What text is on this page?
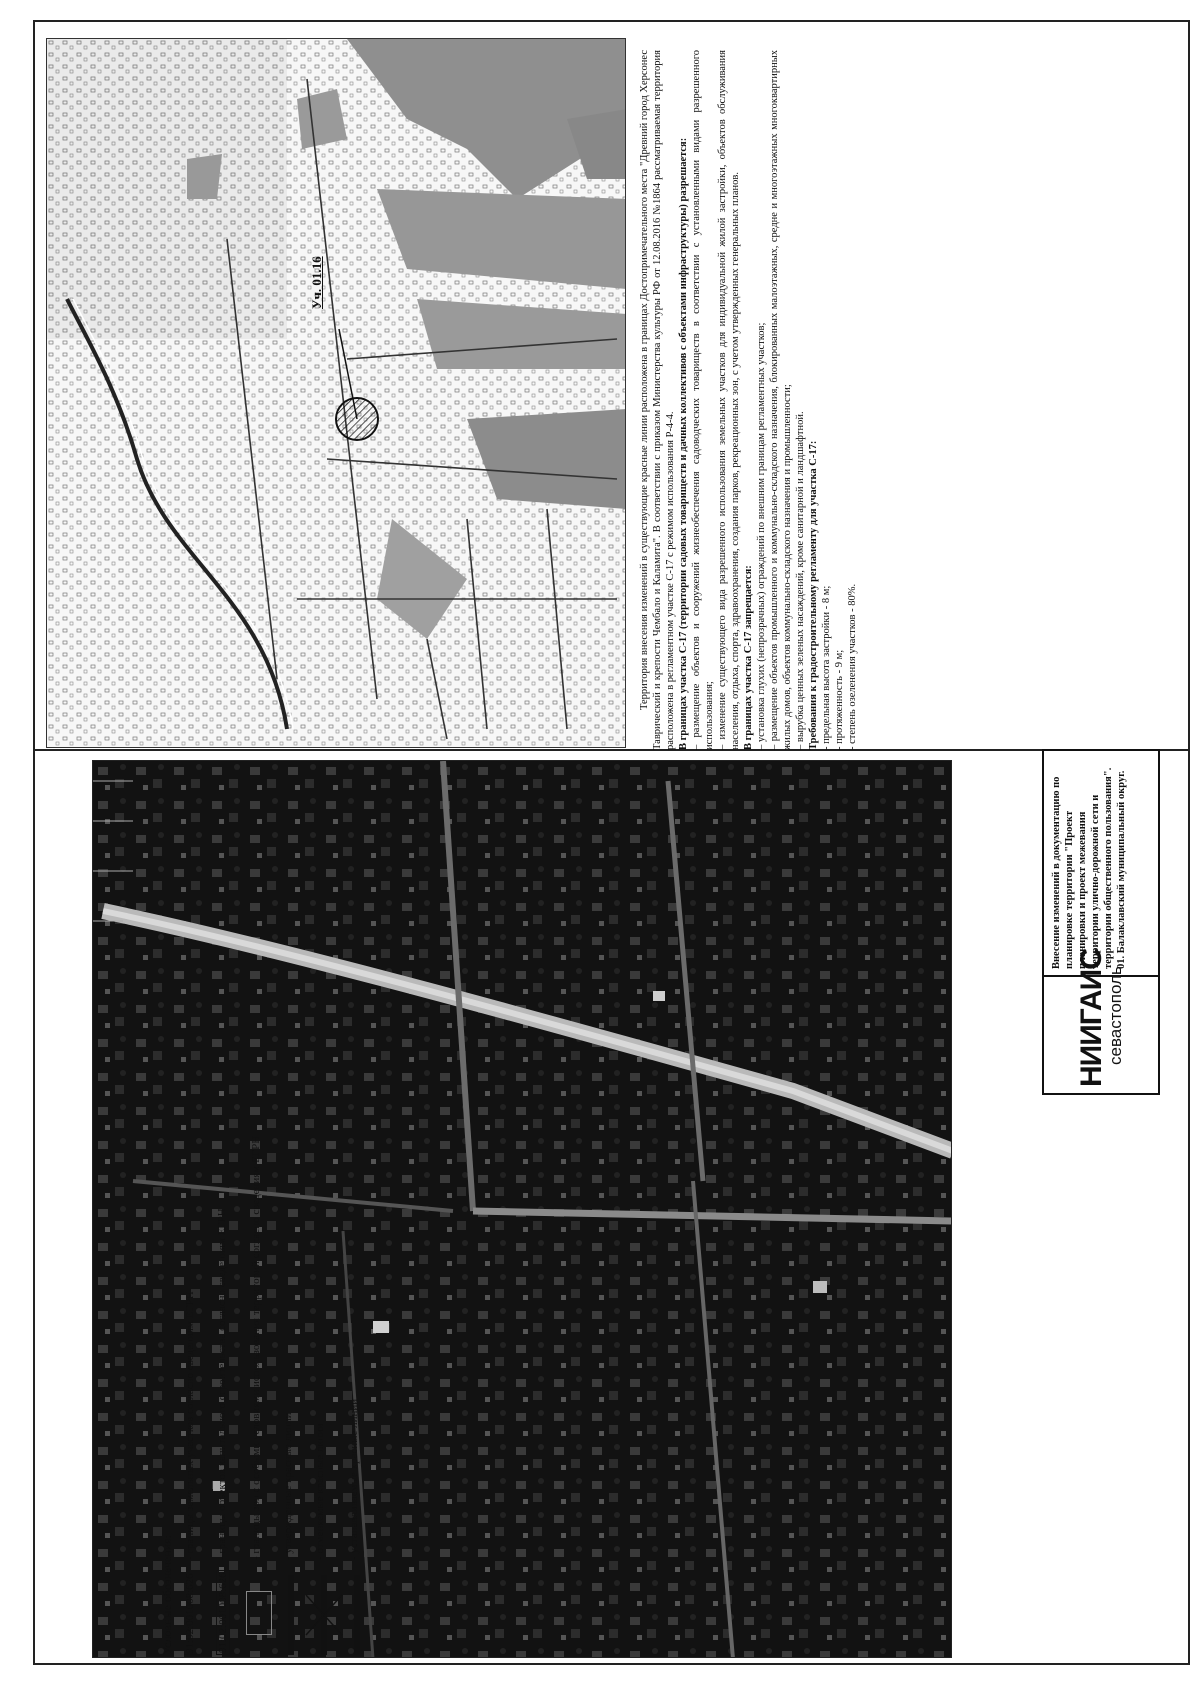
Уч. 01.16	Территория внесения изменений в существующие красные линии расположена в границах Достопримечательного места "Древний город Херсонес Таврический и крепости Чембало и Каламита". В соответствии с приказом Министерства культуры РФ от 12.08.2016 №1864 рассматриваемая территория расположена в регламентном участке С-17 с режимом использования Р-4-4. В границах участка С-17 (территории садовых товариществ и дачных коллективов с объектами инфраструктуры) разрешается: – размещение объектов и сооружений жизнеобеспечения садоводческих товариществ в соответствии с установленными видами разрешенного использования; – изменение существующего вида разрешенного использования земельных участков для индивидуальной жилой застройки, объектов обслуживания населения, отдыха, спорта, здравоохранения, создания парков, рекреационных зон, с учетом утвержденных генеральных планов. В границах участка С-17 запрещается: – установка глухих (непрозрачных) ограждений по внешним границам регламентных участков;

– размещение объектов промышленного и коммунально-складского назначения, блокированных малоэтажных, средне и многоэтажных многоквартирных жилых домов, объектов коммунально-складского назначения и промышленности; – вырубка ценных зеленых насаждений, кроме санитарной и ландшафтной. Требования к градостроительному регламенту для участка С-17: - предельная высота застройки - 8 м;

- протяженность - 9 м;

- степень озеленения участков - 80%.

НИИГАИС
севастополь
Внесение изменений в документацию по планировке территории "Проект планировки и проект межевания территории улично-дорожной сети и территории общественного пользования". 01. Балаклавский муниципальный округ.
Условные обозначения: 91:02:001008:626
- границы земельных участков согласно сведениям ЕГРН
91:02:001008:626
- границы объектов капитального строительства согласно сведениям ЕГРН
- границы зон с особыми условиями использования территорий согласно сведениям ЕГРН
- утвержденные красные линии
- отменяемые красные линии
- устанавливаемые красные линии
